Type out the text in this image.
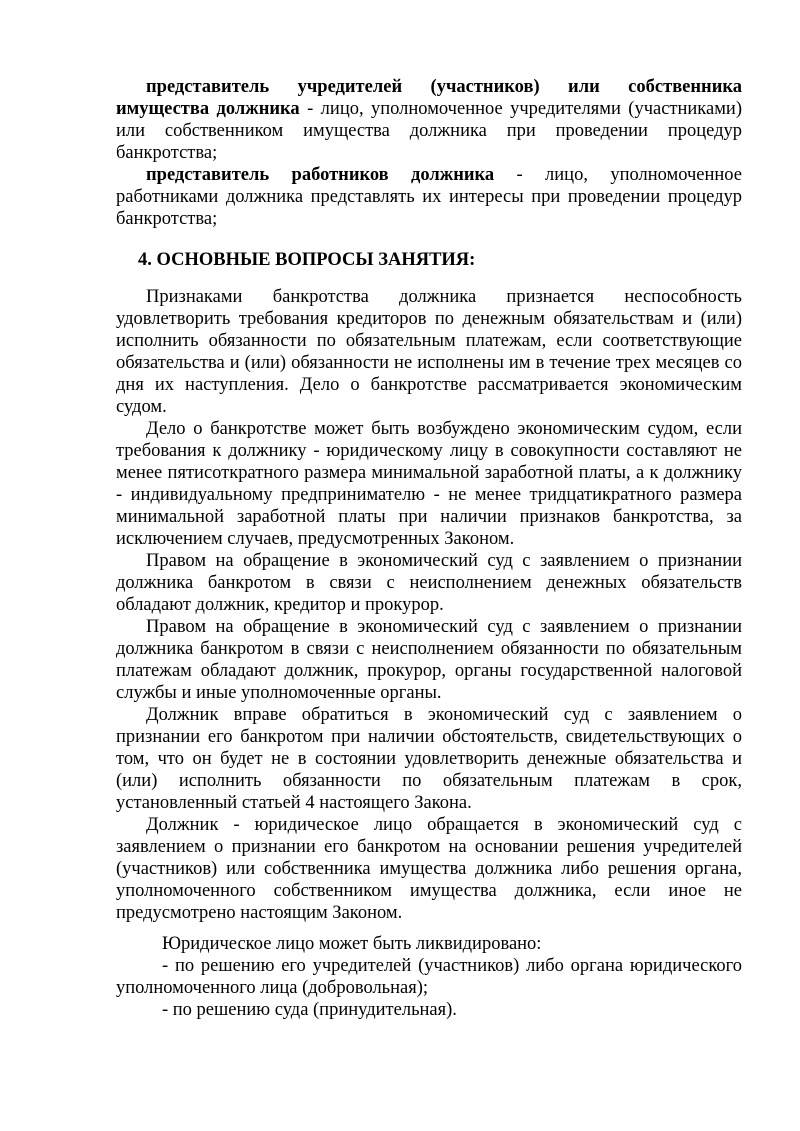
представитель учредителей (участников) или собственника имущества должника - лицо, уполномоченное учредителями (участниками) или собственником имущества должника при проведении процедур банкротства;

представитель работников должника - лицо, уполномоченное работниками должника представлять их интересы при проведении процедур банкротства;

4. ОСНОВНЫЕ ВОПРОСЫ ЗАНЯТИЯ:

Признаками банкротства должника признается неспособность удовлетворить требования кредиторов по денежным обязательствам и (или) исполнить обязанности по обязательным платежам, если соответствующие обязательства и (или) обязанности не исполнены им в течение трех месяцев со дня их наступления. Дело о банкротстве рассматривается экономическим судом.

Дело о банкротстве может быть возбуждено экономическим судом, если требования к должнику - юридическому лицу в совокупности составляют не менее пятисоткратного размера минимальной заработной платы, а к должнику - индивидуальному предпринимателю - не менее тридцатикратного размера минимальной заработной платы при наличии признаков банкротства, за исключением случаев, предусмотренных Законом.

Правом на обращение в экономический суд с заявлением о признании должника банкротом в связи с неисполнением денежных обязательств обладают должник, кредитор и прокурор.

Правом на обращение в экономический суд с заявлением о признании должника банкротом в связи с неисполнением обязанности по обязательным платежам обладают должник, прокурор, органы государственной налоговой службы и иные уполномоченные органы.

Должник вправе обратиться в экономический суд с заявлением о признании его банкротом при наличии обстоятельств, свидетельствующих о том, что он будет не в состоянии удовлетворить денежные обязательства и (или) исполнить обязанности по обязательным платежам в срок, установленный статьей 4 настоящего Закона.

Должник - юридическое лицо обращается в экономический суд с заявлением о признании его банкротом на основании решения учредителей (участников) или собственника имущества должника либо решения органа, уполномоченного собственником имущества должника, если иное не предусмотрено настоящим Законом.

Юридическое лицо может быть ликвидировано:

- по решению его учредителей (участников) либо органа юридического уполномоченного лица (добровольная);

- по решению суда (принудительная).
